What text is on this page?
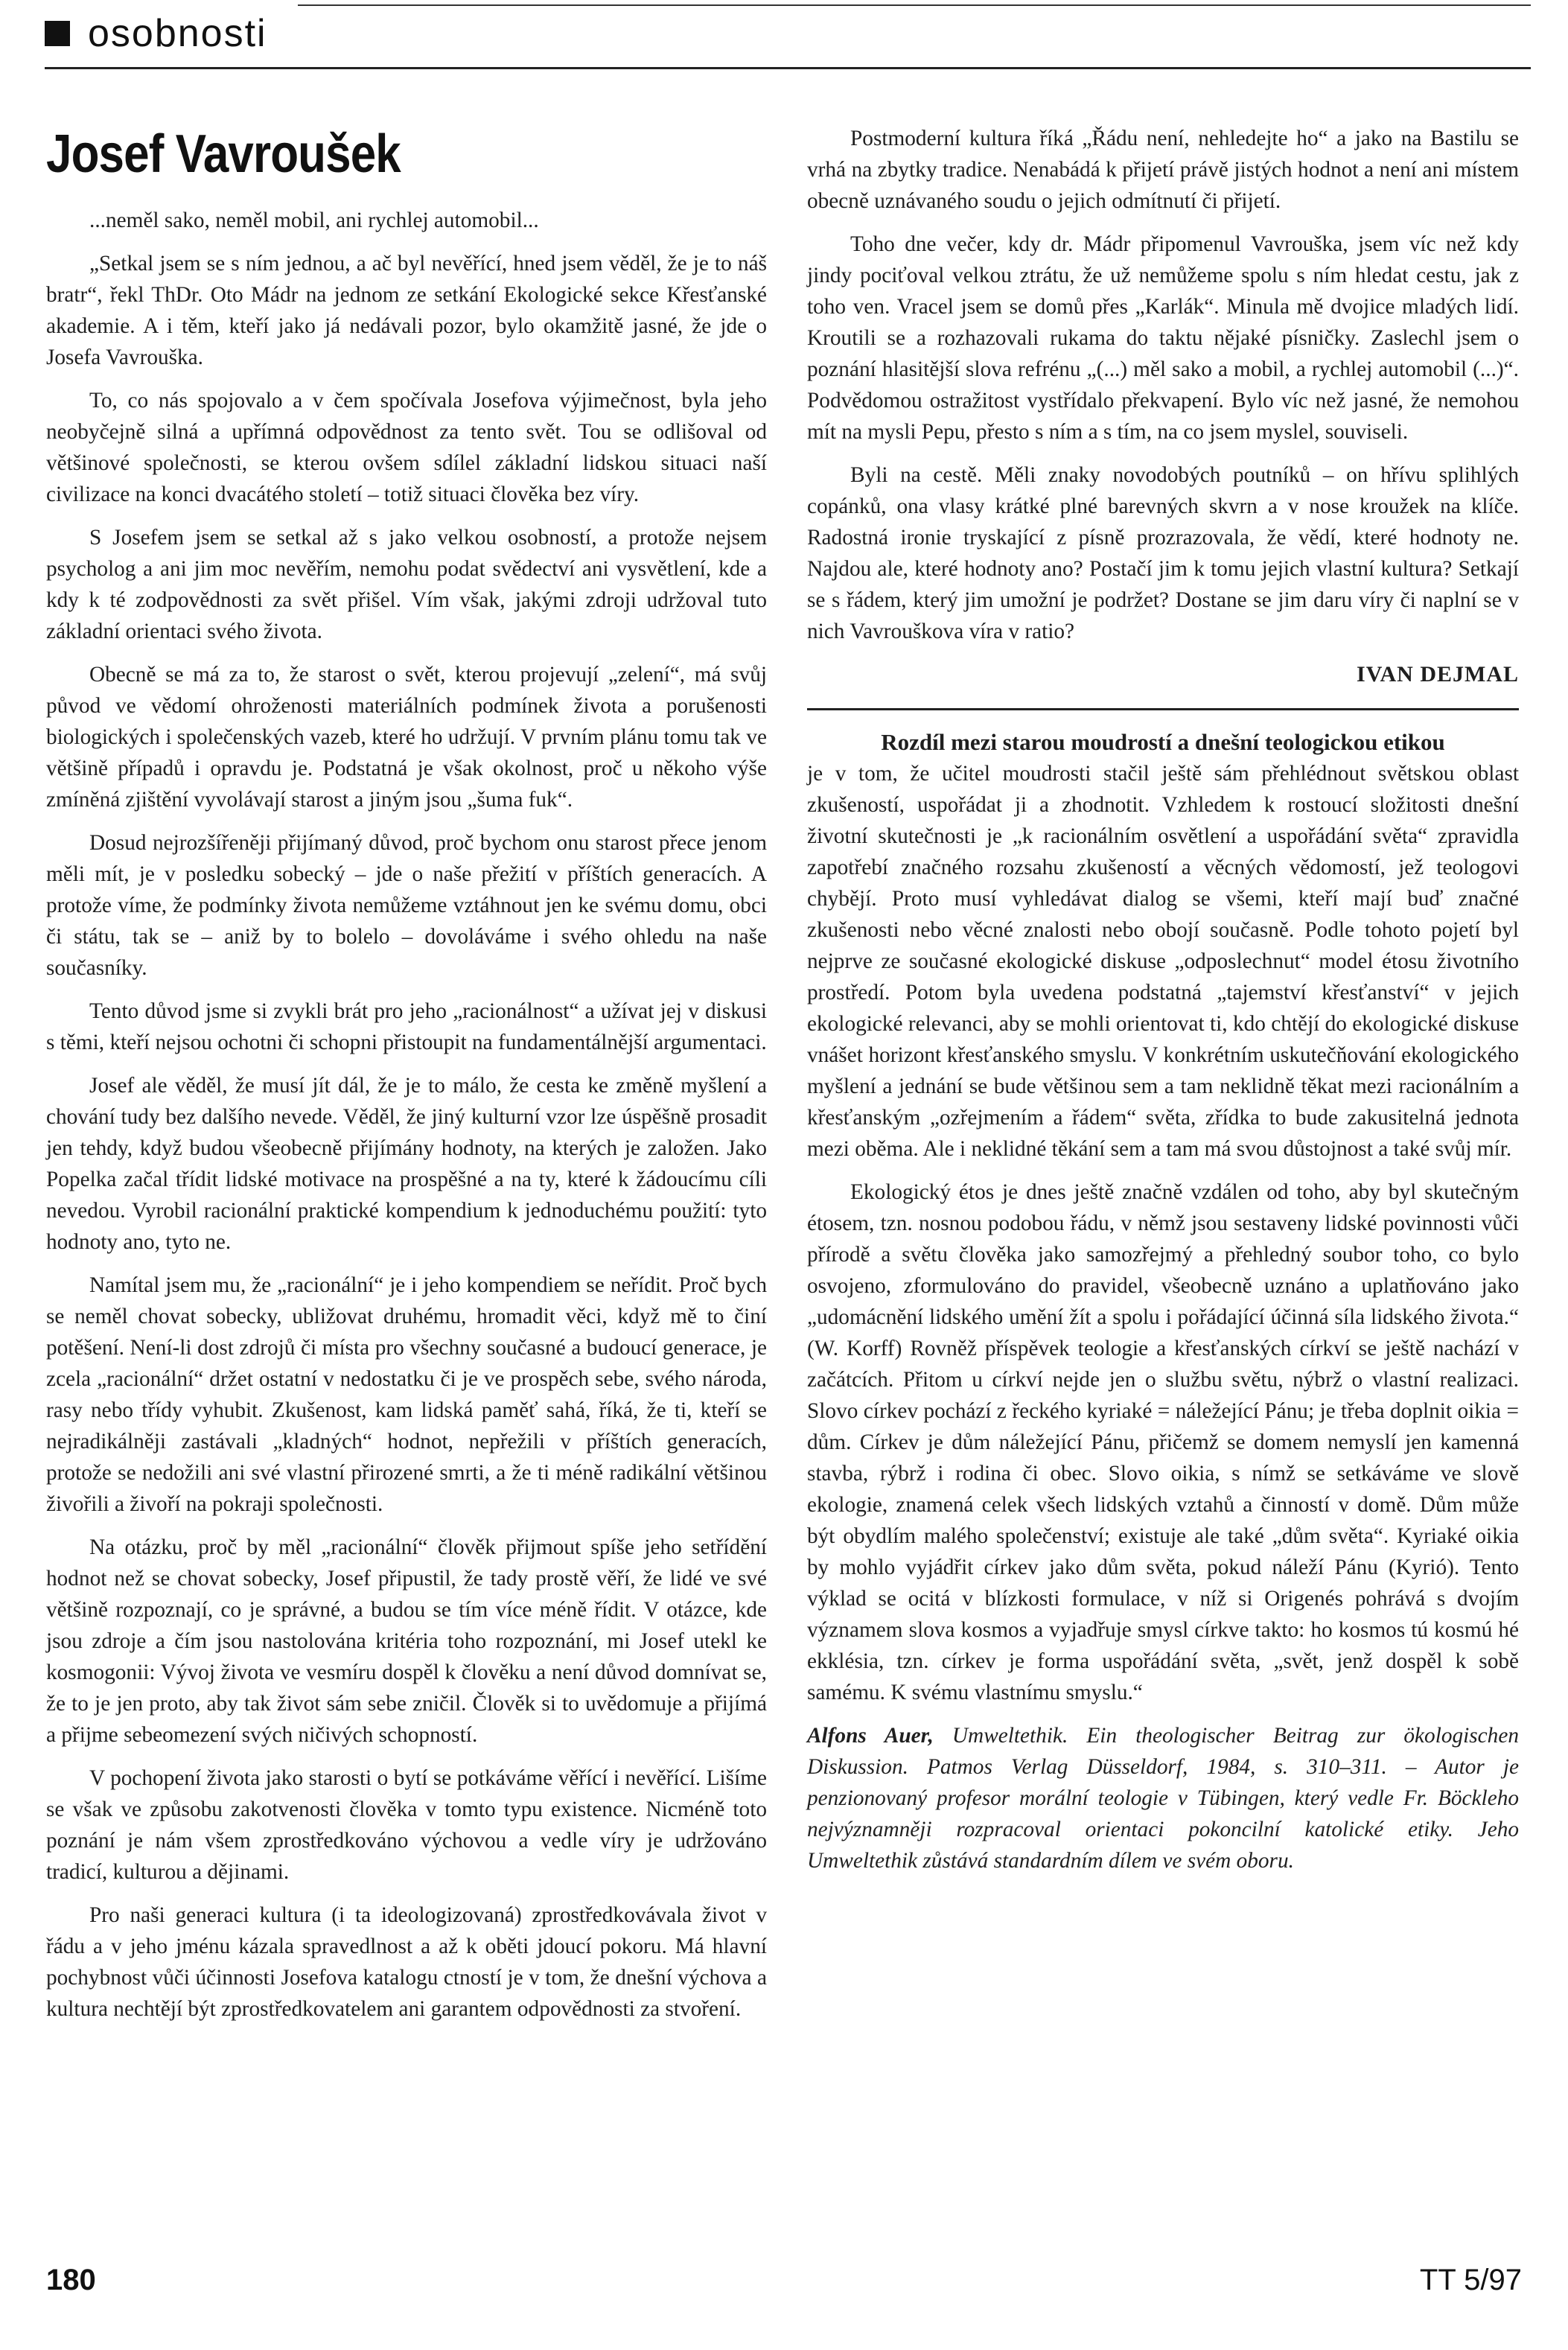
osobnosti
Josef Vavroušek

...neměl sako, neměl mobil, ani rychlej automobil...

„Setkal jsem se s ním jednou, a ač byl nevěřící, hned jsem věděl, že je to náš bratr“, řekl ThDr. Oto Mádr na jednom ze setkání Ekologické sekce Křesťanské akademie. A i těm, kteří jako já nedávali pozor, bylo okamžitě jasné, že jde o Josefa Vavrouška.

To, co nás spojovalo a v čem spočívala Josefova výjimečnost, byla jeho neobyčejně silná a upřímná odpovědnost za tento svět. Tou se odlišoval od většinové společnosti, se kterou ovšem sdílel základní lidskou situaci naší civilizace na konci dvacátého století – totiž situaci člověka bez víry.

S Josefem jsem se setkal až s jako velkou osobností, a protože nejsem psycholog a ani jim moc nevěřím, nemohu podat svědectví ani vysvětlení, kde a kdy k té zodpovědnosti za svět přišel. Vím však, jakými zdroji udržoval tuto základní orientaci svého života.

Obecně se má za to, že starost o svět, kterou projevují „zelení“, má svůj původ ve vědomí ohroženosti materiálních podmínek života a porušenosti biologických i společenských vazeb, které ho udržují. V prvním plánu tomu tak ve většině případů i opravdu je. Podstatná je však okolnost, proč u někoho výše zmíněná zjištění vyvolávají starost a jiným jsou „šuma fuk“.

Dosud nejrozšířeněji přijímaný důvod, proč bychom onu starost přece jenom měli mít, je v posledku sobecký – jde o naše přežití v příštích generacích. A protože víme, že podmínky života nemůžeme vztáhnout jen ke svému domu, obci či státu, tak se – aniž by to bolelo – dovoláváme i svého ohledu na naše současníky.

Tento důvod jsme si zvykli brát pro jeho „racionálnost“ a užívat jej v diskusi s těmi, kteří nejsou ochotni či schopni přistoupit na fundamentálnější argumentaci.

Josef ale věděl, že musí jít dál, že je to málo, že cesta ke změně myšlení a chování tudy bez dalšího nevede. Věděl, že jiný kulturní vzor lze úspěšně prosadit jen tehdy, když budou všeobecně přijímány hodnoty, na kterých je založen. Jako Popelka začal třídit lidské motivace na prospěšné a na ty, které k žádoucímu cíli nevedou. Vyrobil racionální praktické kompendium k jednoduchému použití: tyto hodnoty ano, tyto ne.

Namítal jsem mu, že „racionální“ je i jeho kompendiem se neřídit. Proč bych se neměl chovat sobecky, ubližovat druhému, hromadit věci, když mě to činí potěšení. Není-li dost zdrojů či místa pro všechny současné a budoucí generace, je zcela „racionální“ držet ostatní v nedostatku či je ve prospěch sebe, svého národa, rasy nebo třídy vyhubit. Zkušenost, kam lidská paměť sahá, říká, že ti, kteří se nejradikálněji zastávali „kladných“ hodnot, nepřežili v příštích generacích, protože se nedožili ani své vlastní přirozené smrti, a že ti méně radikální většinou živořili a živoří na pokraji společnosti.

Na otázku, proč by měl „racionální“ člověk přijmout spíše jeho setřídění hodnot než se chovat sobecky, Josef připustil, že tady prostě věří, že lidé ve své většině rozpoznají, co je správné, a budou se tím více méně řídit. V otázce, kde jsou zdroje a čím jsou nastolována kritéria toho rozpoznání, mi Josef utekl ke kosmogonii: Vývoj života ve vesmíru dospěl k člověku a není důvod domnívat se, že to je jen proto, aby tak život sám sebe zničil. Člověk si to uvědomuje a přijímá a přijme sebeomezení svých ničivých schopností.

V pochopení života jako starosti o bytí se potkáváme věřící i nevěřící. Lišíme se však ve způsobu zakotvenosti člověka v tomto typu existence. Nicméně toto poznání je nám všem zprostředkováno výchovou a vedle víry je udržováno tradicí, kulturou a dějinami.

Pro naši generaci kultura (i ta ideologizovaná) zprostředkovávala život v řádu a v jeho jménu kázala spravedlnost a až k oběti jdoucí pokoru. Má hlavní pochybnost vůči účinnosti Josefova katalogu ctností je v tom, že dnešní výchova a kultura nechtějí být zprostředkovatelem ani garantem odpovědnosti za stvoření.

Postmoderní kultura říká „Řádu není, nehledejte ho“ a jako na Bastilu se vrhá na zbytky tradice. Nenabádá k přijetí právě jistých hodnot a není ani místem obecně uznávaného soudu o jejich odmítnutí či přijetí.

Toho dne večer, kdy dr. Mádr připomenul Vavrouška, jsem víc než kdy jindy pociťoval velkou ztrátu, že už nemůžeme spolu s ním hledat cestu, jak z toho ven. Vracel jsem se domů přes „Karlák“. Minula mě dvojice mladých lidí. Kroutili se a rozhazovali rukama do taktu nějaké písničky. Zaslechl jsem o poznání hlasitější slova refrénu „(...) měl sako a mobil, a rychlej automobil (...)“. Podvědomou ostražitost vystřídalo překvapení. Bylo víc než jasné, že nemohou mít na mysli Pepu, přesto s ním a s tím, na co jsem myslel, souviseli.

Byli na cestě. Měli znaky novodobých poutníků – on hřívu splihlých copánků, ona vlasy krátké plné barevných skvrn a v nose kroužek na klíče. Radostná ironie tryskající z písně prozrazovala, že vědí, které hodnoty ne. Najdou ale, které hodnoty ano? Postačí jim k tomu jejich vlastní kultura? Setkají se s řádem, který jim umožní je podržet? Dostane se jim daru víry či naplní se v nich Vavrouškova víra v ratio?

IVAN DEJMAL
Rozdíl mezi starou moudrostí a dnešní teologickou etikou

je v tom, že učitel moudrosti stačil ještě sám přehlédnout světskou oblast zkušeností, uspořádat ji a zhodnotit. Vzhledem k rostoucí složitosti dnešní životní skutečnosti je „k racionálním osvětlení a uspořádání světa“ zpravidla zapotřebí značného rozsahu zkušeností a věcných vědomostí, jež teologovi chybějí. Proto musí vyhledávat dialog se všemi, kteří mají buď značné zkušenosti nebo věcné znalosti nebo obojí současně. Podle tohoto pojetí byl nejprve ze současné ekologické diskuse „odposlechnut“ model étosu životního prostředí. Potom byla uvedena podstatná „tajemství křesťanství“ v jejich ekologické relevanci, aby se mohli orientovat ti, kdo chtějí do ekologické diskuse vnášet horizont křesťanského smyslu. V konkrétním uskutečňování ekologického myšlení a jednání se bude většinou sem a tam neklidně těkat mezi racionálním a křesťanským „ozřejmením a řádem“ světa, zřídka to bude zakusitelná jednota mezi oběma. Ale i neklidné těkání sem a tam má svou důstojnost a také svůj mír.

Ekologický étos je dnes ještě značně vzdálen od toho, aby byl skutečným étosem, tzn. nosnou podobou řádu, v němž jsou sestaveny lidské povinnosti vůči přírodě a světu člověka jako samozřejmý a přehledný soubor toho, co bylo osvojeno, zformulováno do pravidel, všeobecně uznáno a uplatňováno jako „udomácnění lidského umění žít a spolu i pořádající účinná síla lidského života.“ (W. Korff) Rovněž příspěvek teologie a křesťanských církví se ještě nachází v začátcích. Přitom u církví nejde jen o službu světu, nýbrž o vlastní realizaci. Slovo církev pochází z řeckého kyriaké = náležející Pánu; je třeba doplnit oikia = dům. Církev je dům náležející Pánu, přičemž se domem nemyslí jen kamenná stavba, rýbrž i rodina či obec. Slovo oikia, s nímž se setkáváme ve slově ekologie, znamená celek všech lidských vztahů a činností v domě. Dům může být obydlím malého společenství; existuje ale také „dům světa“. Kyriaké oikia by mohlo vyjádřit církev jako dům světa, pokud náleží Pánu (Kyrió). Tento výklad se ocitá v blízkosti formulace, v níž si Origenés pohrává s dvojím významem slova kosmos a vyjadřuje smysl církve takto: ho kosmos tú kosmú hé ekklésia, tzn. církev je forma uspořádání světa, „svět, jenž dospěl k sobě samému. K svému vlastnímu smyslu.“

Alfons Auer, Umweltethik. Ein theologischer Beitrag zur ökologischen Diskussion. Patmos Verlag Düsseldorf, 1984, s. 310–311. – Autor je penzionovaný profesor morální teologie v Tübingen, který vedle Fr. Böckleho nejvýznamněji rozpracoval orientaci pokoncilní katolické etiky. Jeho Umweltethik zůstává standardním dílem ve svém oboru.

180	TT 5/97
